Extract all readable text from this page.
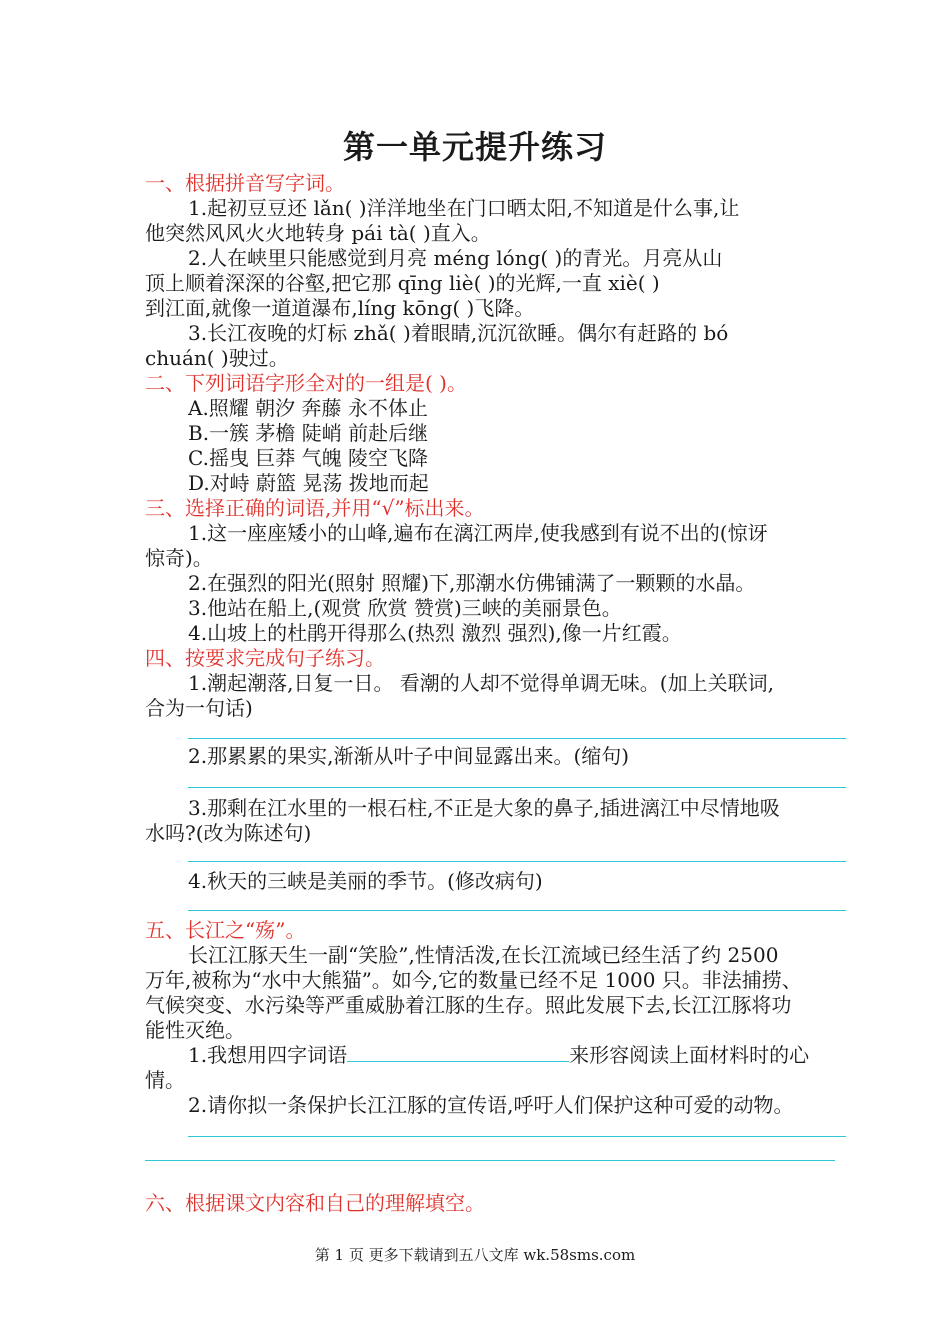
第一单元提升练习
一、根据拼音写字词。
1.起初豆豆还 lǎn( )洋洋地坐在门口晒太阳,不知道是什么事,让
他突然风风火火地转身 pái tà( )直入。
2.人在峡里只能感觉到月亮 méng lóng( )的青光。月亮从山
顶上顺着深深的谷壑,把它那 qīng liè( )的光辉,一直 xiè( )
到江面,就像一道道瀑布,líng kōng( )飞降。
3.长江夜晚的灯标 zhǎ( )着眼睛,沉沉欲睡。偶尔有赶路的 bó
chuán( )驶过。
二、下列词语字形全对的一组是( )。
A.照耀 朝汐 奔藤 永不体止
B.一簇 茅檐 陡峭 前赴后继
C.摇曳 巨莽 气魄 陵空飞降
D.对峙 蔚篮 晃荡 拨地而起
三、选择正确的词语,并用“√”标出来。
1.这一座座矮小的山峰,遍布在漓江两岸,使我感到有说不出的(惊讶
惊奇)。
2.在强烈的阳光(照射 照耀)下,那潮水仿佛铺满了一颗颗的水晶。
3.他站在船上,(观赏 欣赏 赞赏)三峡的美丽景色。
4.山坡上的杜鹃开得那么(热烈 激烈 强烈),像一片红霞。
四、按要求完成句子练习。
1.潮起潮落,日复一日。 看潮的人却不觉得单调无味。(加上关联词,
合为一句话)
2.那累累的果实,渐渐从叶子中间显露出来。(缩句)
3.那剩在江水里的一根石柱,不正是大象的鼻子,插进漓江中尽情地吸
水吗?(改为陈述句)
4.秋天的三峡是美丽的季节。(修改病句)
五、长江之“殇”。
长江江豚天生一副“笑脸”,性情活泼,在长江流域已经生活了约 2500
万年,被称为“水中大熊猫”。如今,它的数量已经不足 1000 只。非法捕捞、
气候突变、水污染等严重威胁着江豚的生存。照此发展下去,长江江豚将功
能性灭绝。
1.我想用四字词语	来形容阅读上面材料时的心
情。
2.请你拟一条保护长江江豚的宣传语,呼吁人们保护这种可爱的动物。
六、根据课文内容和自己的理解填空。
第 1 页 更多下载请到五八文库 wk.58sms.com
